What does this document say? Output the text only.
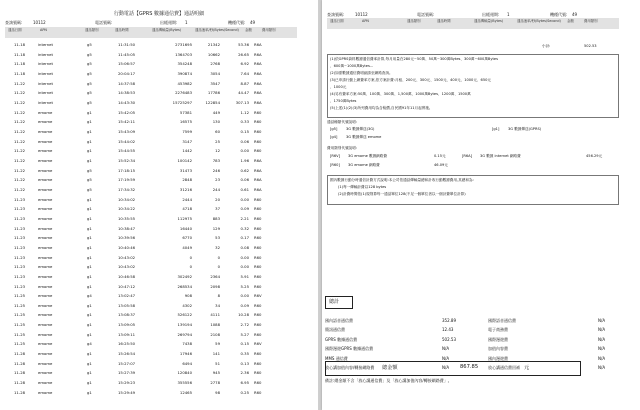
行動電話【GPRS 數據通信費】通話明細
查詢號碼:	10112	電話號碼:	出帳週期: 1	機種代號: 49
通話日期	APN	通話類別	通話時間	通話傳輸量(Bytes)	通話速率/秒(Bytes/Second) 金額	費用類別
11-18	internet	g5	11:31:50	2731695	21342	53.36 R6A
11-18	internet	g5	11:45:05	1364703	10662	26.65 R6A
11-18	internet	g5	15:06:57	354248	2768	6.92 R6A
11-18	internet	g5	20:04:17	390874	3054	7.64 R6A
11-22	internet	g5	14:37:58	453982	3547	8.87 R6A
11-22	internet	g5	14:38:53	2276483	17786	44.47 R6A
11-22	internet	g5	14:43:30	15725297	122854	307.13 R6A
11-22	emome	g1	15:42:05	57381	449	1.12 R60
11-22	emome	g1	15:42:11	16575	130	0.33 R60
11-22	emome	g1	15:43:09	7599	60	0.15 R60
11-22	emome	g1	15:44:02	3147	25	0.06 R60
11-22	emome	g1	15:44:55	1442	12	0.00 R60
11-22	emome	g1	15:52:34	100142	783	1.96 R6A
11-22	emome	g5	17:18:15	31473	246	0.62 R6A
11-22	emome	g5	17:19:59	2848	23	0.06 R6A
11-22	emome	g5	17:34:32	31216	244	0.61 R6A
11-23	emome	g1	10:34:02	2444	20	0.00 R60
11-23	emome	g1	10:34:22	4718	37	0.09 R60
11-23	emome	g1	10:35:55	112975	883	2.21 R60
11-23	emome	g1	10:38:47	16440	129	0.32 R60
11-23	emome	g1	10:39:56	6770	53	0.17 R60
11-23	emome	g1	10:40:46	4049	32	0.08 R60
11-23	emome	g1	10:43:02	0	0	0.00 R60
11-23	emome	g1	10:43:02	0	0	0.00 R60
11-23	emome	g1	10:46:58	302492	2364	5.91 R60
11-23	emome	g1	10:47:12	268534	2098	5.25 R60
11-25	emome	g4	13:02:47	908	8	0.00 R6V
11-25	emome	g1	13:05:58	4302	34	0.09 R60
11-25	emome	g1	13:08:37	526122	4111	10.28 R60
11-25	emome	g1	13:09:05	139194	1088	2.72 R60
11-25	emome	g1	13:09:11	269794	2108	5.27 R60
11-25	emome	g4	16:25:50	7438	59	0.15 R6V
11-28	emome	g1	15:26:54	17946	141	0.35 R60
11-28	emome	g1	15:27:07	6494	51	0.13 R60
11-28	emome	g1	15:27:39	120840	945	2.36 R60
11-28	emome	g1	15:29:23	355556	2778	6.95 R60
11-28	emome	g1	15:29:49	12465	98	0.25 R60
查詢號碼:	10112	電話號碼:	出帳週期: 1	機種代號: 49
通話日期	APN	通話類別	通話時間	通話傳輸量(Bytes)	通話速率/秒(Bytes/Second) 金額	費用類別
小計:	502.53
(1)依GPRS資料數據通信費率計算,每月用量在280元~50萬、50萬~300萬Bytes、300萬~600萬Bytes
、600萬~1000萬Bytes...
(2)如需數據通信費明細請至網路查詢。
(3)已申請行動上網費率方案,依方案計費:月租、200元、300元、1500元、400元、1000元、650元
、1000元
(4)另有費率方案:50萬、100萬、300萬、1,500萬、1000萬Bytes、1200萬、1500萬
、1750萬Bytes
(5)上述(1)(2)(3)所列費用均為含稅價,自民國91年11月起實施。
通話種類代號說明:
[g5] 3G 數據傳送(3G)	[g1] 3G 數據傳送(GPRS)
[g4] 3G 數據傳送 emome
費用類別代號說明:
[R6V] 3G emome 數據網路費	0.15元	[R6A] 3G 數據 internet 網路費	456.29元
[R60] 3G emome 網路費	46.09元
國內數據行動分時通信計費方式說明:本公司依通話傳輸量總和計收行動數據費用,其總和為:
(1)每一傳輸計費以128 bytes
(2)計費時間依(1)規則算每一通話單位128(不足一個單位者以一個計費單位計算)
總計
國內語音通信費	352.89	國際語音通信費	N/A
簡訊通信費	12.43	電子商務費	N/A
GPRS 數據通信費	502.53	國際漫遊費	N/A
國際漫遊GPRS 數據通信費	N/A	加值內容費	N/A
MMS 通信費	N/A	國內漫遊費	N/A
放心講加值內容/轉接網路費	N/A	放心講通信費回補	N/A
總金額	867.85	元
備註:總金額不含「放心講通信費」及「放心講加值內容/轉接網路費」。
